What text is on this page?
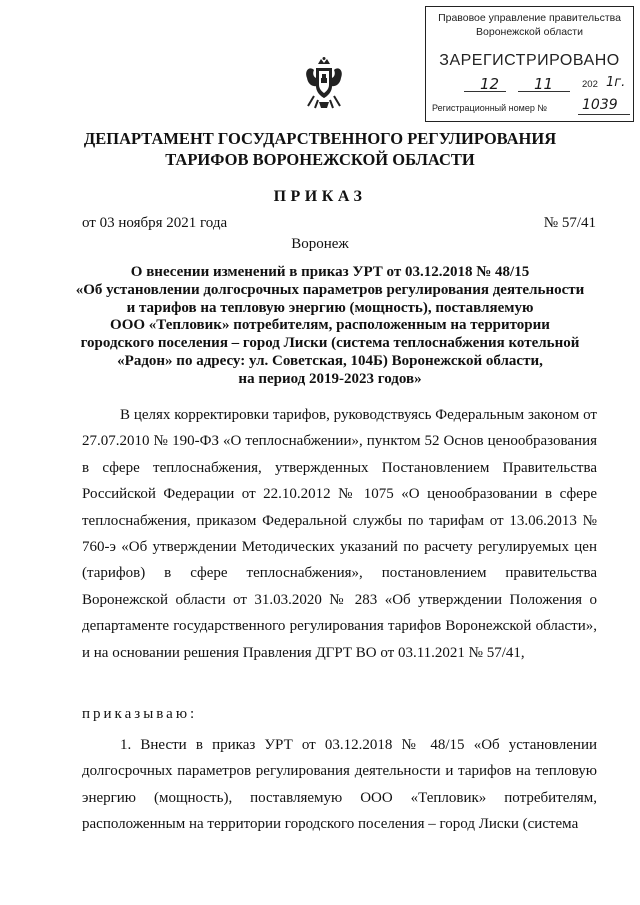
Правовое управление правительства
Воронежской области
ЗАРЕГИСТРИРОВАНО
12 11	202 1г.
Регистрационный номер № 1039
ДЕПАРТАМЕНТ ГОСУДАРСТВЕННОГО РЕГУЛИРОВАНИЯ
ТАРИФОВ ВОРОНЕЖСКОЙ ОБЛАСТИ
ПРИКАЗ
от 03 ноября 2021 года	№ 57/41
Воронеж
О внесении изменений в приказ УРТ от 03.12.2018 № 48/15
«Об установлении долгосрочных параметров регулирования деятельности
и тарифов на тепловую энергию (мощность), поставляемую
ООО «Тепловик» потребителям, расположенным на территории
городского поселения – город Лиски (система теплоснабжения котельной
«Радон» по адресу: ул. Советская, 104Б) Воронежской области,
на период 2019-2023 годов»
В целях корректировки тарифов, руководствуясь Федеральным законом от 27.07.2010 № 190-ФЗ «О теплоснабжении», пунктом 52 Основ ценообразования в сфере теплоснабжения, утвержденных Постановлением Правительства Российской Федерации от 22.10.2012 № 1075 «О ценообразовании в сфере теплоснабжения, приказом Федеральной службы по тарифам от 13.06.2013 № 760-э «Об утверждении Методических указаний по расчету регулируемых цен (тарифов) в сфере теплоснабжения», постановлением правительства Воронежской области от 31.03.2020 № 283 «Об утверждении Положения о департаменте государственного регулирования тарифов Воронежской области», и на основании решения Правления ДГРТ ВО от 03.11.2021 № 57/41,
приказываю:
1. Внести в приказ УРТ от 03.12.2018 № 48/15 «Об установлении долгосрочных параметров регулирования деятельности и тарифов на тепловую энергию (мощность), поставляемую ООО «Тепловик» потребителям, расположенным на территории городского поселения – город Лиски (система
